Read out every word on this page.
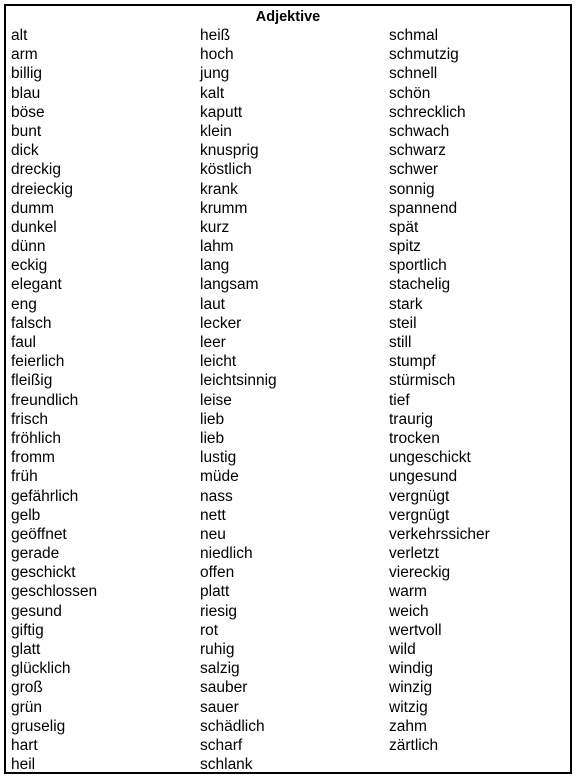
Adjektive
alt
arm
billig
blau
böse
bunt
dick
dreckig
dreieckig
dumm
dunkel
dünn
eckig
elegant
eng
falsch
faul
feierlich
fleißig
freundlich
frisch
fröhlich
fromm
früh
gefährlich
gelb
geöffnet
gerade
geschickt
geschlossen
gesund
giftig
glatt
glücklich
groß
grün
gruselig
hart
heil
heiß
hoch
jung
kalt
kaputt
klein
knusprig
köstlich
krank
krumm
kurz
lahm
lang
langsam
laut
lecker
leer
leicht
leichtsinnig
leise
lieb
lieb
lustig
müde
nass
nett
neu
niedlich
offen
platt
riesig
rot
ruhig
salzig
sauber
sauer
schädlich
scharf
schlank
schmal
schmutzig
schnell
schön
schrecklich
schwach
schwarz
schwer
sonnig
spannend
spät
spitz
sportlich
stachelig
stark
steil
still
stumpf
stürmisch
tief
traurig
trocken
ungeschickt
ungesund
vergnügt
vergnügt
verkehrssicher
verletzt
viereckig
warm
weich
wertvoll
wild
windig
winzig
witzig
zahm
zärtlich
